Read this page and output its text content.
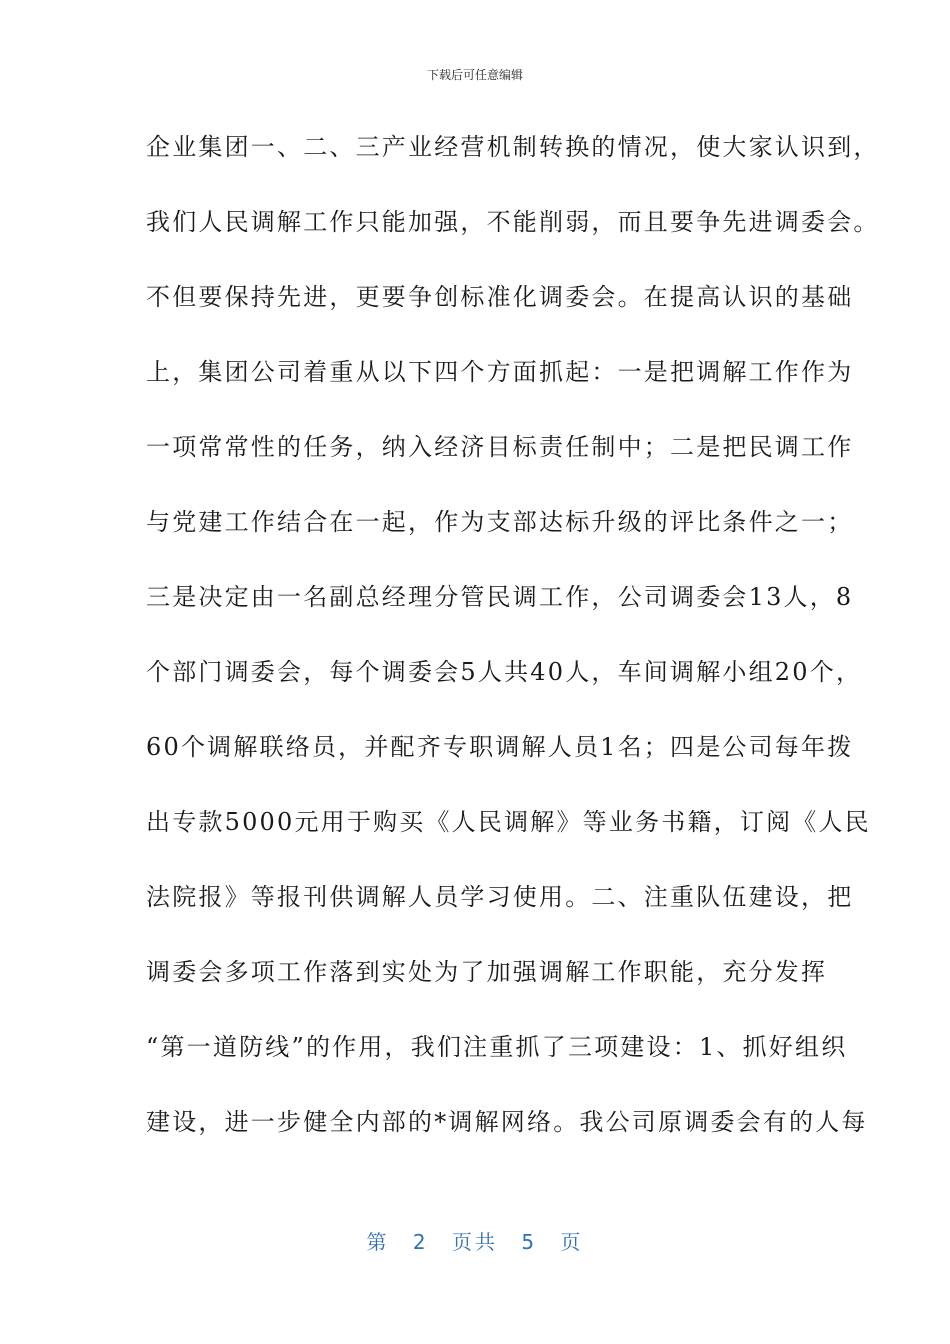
下载后可任意编辑
企业集团一、二、三产业经营机制转换的情况，使大家认识到，
我们人民调解工作只能加强，不能削弱，而且要争先进调委会。
不但要保持先进，更要争创标准化调委会。在提高认识的基础
上，集团公司着重从以下四个方面抓起：一是把调解工作作为
一项常常性的任务，纳入经济目标责任制中；二是把民调工作
与党建工作结合在一起，作为支部达标升级的评比条件之一；
三是决定由一名副总经理分管民调工作，公司调委会13人，8
个部门调委会，每个调委会5人共40人，车间调解小组20个，
60个调解联络员，并配齐专职调解人员1名；四是公司每年拨
出专款5000元用于购买《人民调解》等业务书籍，订阅《人民
法院报》等报刊供调解人员学习使用。二、注重队伍建设，把
调委会多项工作落到实处为了加强调解工作职能，充分发挥
“第一道防线”的作用，我们注重抓了三项建设：1、抓好组织
建设，进一步健全内部的*调解网络。我公司原调委会有的人每
第 2 页共 5 页
